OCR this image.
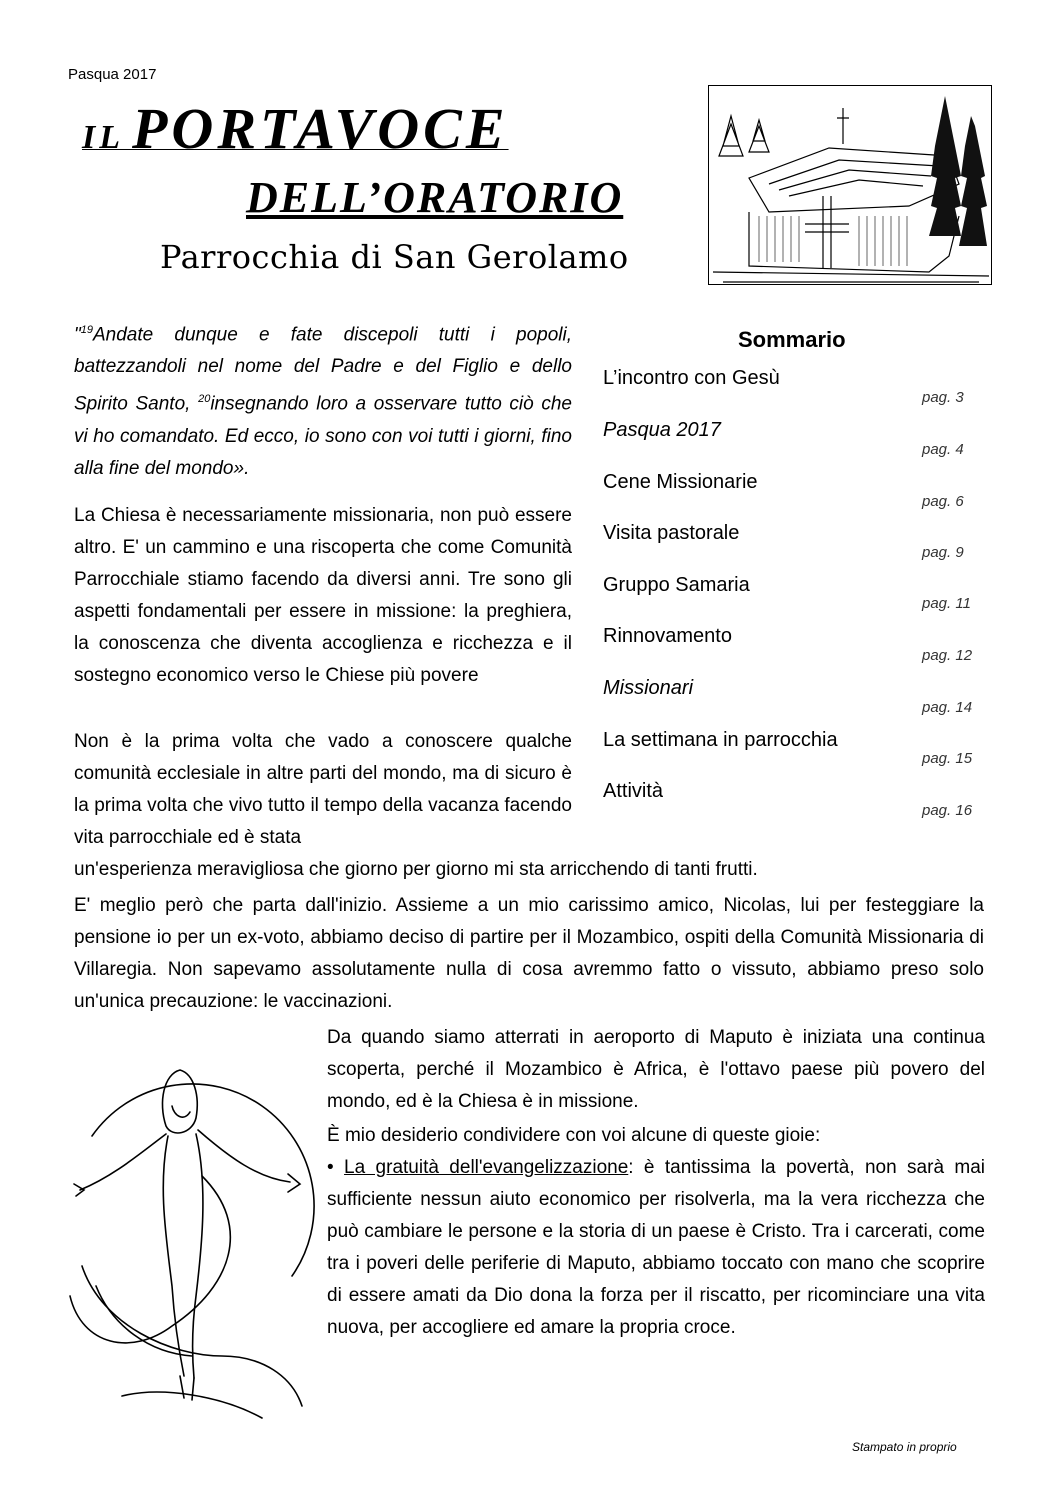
Pasqua 2017
IL PORTAVOCE
DELL’ORATORIO
Parrocchia di San Gerolamo
"$^{19}$Andate dunque e fate discepoli tutti i popoli, battezzandoli nel nome del Padre e del Figlio e dello Spirito Santo, $^{20}$insegnando loro a osservare tutto ciò che vi ho comandato. Ed ecco, io sono con voi tutti i giorni, fino alla fine del mondo».
Sommario
L’incontro con Gesù
pag. 3
Pasqua 2017
pag. 4
Cene Missionarie
pag. 6
Visita pastorale
pag. 9
Gruppo Samaria
pag. 11
Rinnovamento
pag. 12
Missionari
pag. 14
La settimana in parrocchia
pag. 15
Attività
pag. 16
La Chiesa è necessariamente missionaria, non può essere altro. E' un cammino e una riscoperta che come Comunità Parrocchiale stiamo facendo da diversi anni. Tre sono gli aspetti fondamentali per essere in missione: la preghiera, la conoscenza che diventa accoglienza e ricchezza e il sostegno economico verso le Chiese più povere
Non è la prima volta che vado a conoscere qualche comunità ecclesiale in altre parti del mondo, ma di sicuro è la prima volta che vivo tutto il tempo della vacanza facendo vita parrocchiale ed è stata
un'esperienza meravigliosa che giorno per giorno mi sta arricchendo di tanti frutti.
E' meglio però che parta dall'inizio. Assieme a un mio carissimo amico, Nicolas, lui per festeggiare la pensione io per un ex-voto, abbiamo deciso di partire per il Mozambico, ospiti della Comunità Missionaria di Villaregia. Non sapevamo assolutamente nulla di cosa avremmo fatto o vissuto, abbiamo preso solo un'unica precauzione: le vaccinazioni.
Da quando siamo atterrati in aeroporto di Maputo è iniziata una continua scoperta, perché il Mozambico è Africa, è l'ottavo paese più povero del mondo, ed è la Chiesa è in missione.
È mio desiderio condividere con voi alcune di queste gioie:
• La gratuità dell'evangelizzazione: è tantissima la povertà, non sarà mai sufficiente nessun aiuto economico per risolverla, ma la vera ricchezza che può cambiare le persone e la storia di un paese è Cristo. Tra i carcerati, come tra i poveri delle periferie di Maputo, abbiamo toccato con mano che scoprire di essere amati da Dio dona la forza per il riscatto, per ricominciare una vita nuova, per accogliere ed amare la propria croce.
Stampato in proprio
